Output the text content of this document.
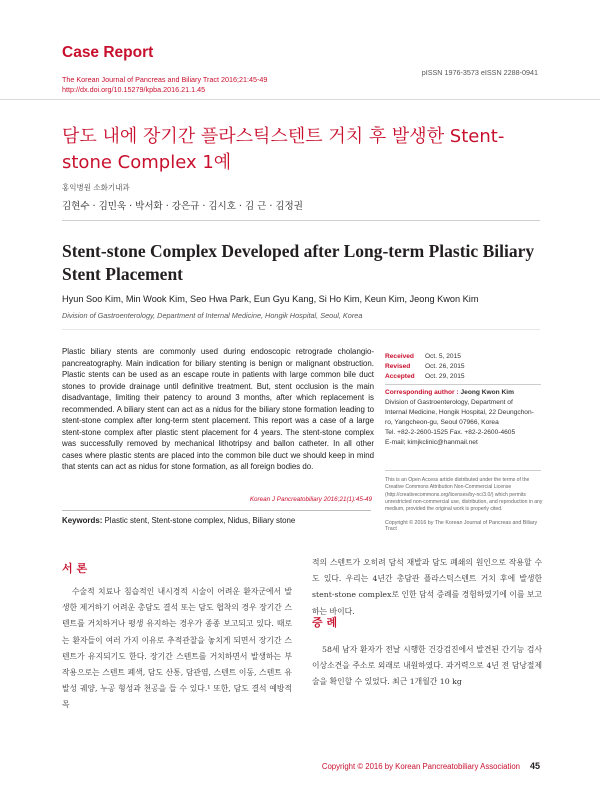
Case Report
The Korean Journal of Pancreas and Biliary Tract 2016;21:45-49
http://dx.doi.org/10.15279/kpba.2016.21.1.45
pISSN 1976-3573 eISSN 2288-0941
담도 내에 장기간 플라스틱스텐트 거치 후 발생한 Stent-stone Complex 1예
홍익병원 소화기내과
김현수 · 김민욱 · 박서화 · 강은규 · 김시호 · 김 근 · 김정권
Stent-stone Complex Developed after Long-term Plastic Biliary Stent Placement
Hyun Soo Kim, Min Wook Kim, Seo Hwa Park, Eun Gyu Kang, Si Ho Kim, Keun Kim, Jeong Kwon Kim
Division of Gastroenterology, Department of Internal Medicine, Hongik Hospital, Seoul, Korea
Plastic biliary stents are commonly used during endoscopic retrograde cholangio-pancreatography. Main indication for biliary stenting is benign or malignant obstruction. Plastic stents can be used as an escape route in patients with large common bile duct stones to provide drainage until definitive treatment. But, stent occlusion is the main disadvantage, limiting their patency to around 3 months, after which replacement is recommended. A biliary stent can act as a nidus for the biliary stone formation leading to stent-stone complex after long-term stent placement. This report was a case of a large stent-stone complex after plastic stent placement for 4 years. The stent-stone complex was successfully removed by mechanical lithotripsy and ballon catheter. In all other cases where plastic stents are placed into the common bile duct we should keep in mind that stents can act as nidus for stone formation, as all foreign bodies do.
Korean J Pancreatobiliary 2016;21(1):45-49
Keywords: Plastic stent, Stent-stone complex, Nidus, Biliary stone
Received	Oct. 5, 2015
Revised	Oct. 26, 2015
Accepted	Oct. 29, 2015
Corresponding author : Jeong Kwon Kim
Division of Gastroenterology, Department of
Internal Medicine, Hongik Hospital, 22 Deungchon-
ro, Yangcheon-gu, Seoul 07966, Korea
Tel. +82-2-2600-1525 Fax. +82-2-2600-4605
E-mail; kimjkclinic@hanmail.net
This is an Open Access article distributed under the terms of the Creative Commons Attribution Non-Commercial License (http://creativecommons.org/licenses/by-nc/3.0/) which permits unrestricted non-commercial use, distribution, and reproduction in any medium, provided the original work is properly cited.
Copyright © 2016 by The Korean Journal of Pancreas and Biliary Tract
서 론
수술적 치료나 침습적인 내시경적 시술이 어려운 환자군에서 발생한 제거하기 어려운 총담도 결석 또는 담도 협착의 경우 장기간 스텐트를 거치하거나 평생 유지하는 경우가 종종 보고되고 있다. 때로는 환자들이 여러 가지 이유로 추적관찰을 놓치게 되면서 장기간 스텐트가 유지되기도 한다. 장기간 스텐트를 거치하면서 발생하는 부작용으로는 스텐트 폐색, 담도 산통, 담관염, 스텐트 이동, 스텐트 유발성 궤양, 누공 형성과 천공을 들 수 있다.¹ 또한, 담도 결석 예방적 목
적의 스텐트가 오히려 담석 재발과 담도 폐쇄의 원인으로 작용할 수도 있다. 우리는 4년간 총담관 플라스틱스텐트 거치 후에 발생한 stent-stone complex로 인한 담석 증례를 경험하였기에 이를 보고하는 바이다.
증 례
58세 남자 환자가 전날 시행한 건강검진에서 발견된 간기능 검사 이상소견을 주소로 외래로 내원하였다. 과거력으로 4년 전 담낭절제술을 확인할 수 있었다. 최근 1개월간 10 kg
Copyright © 2016 by Korean Pancreatobiliary Association 45
